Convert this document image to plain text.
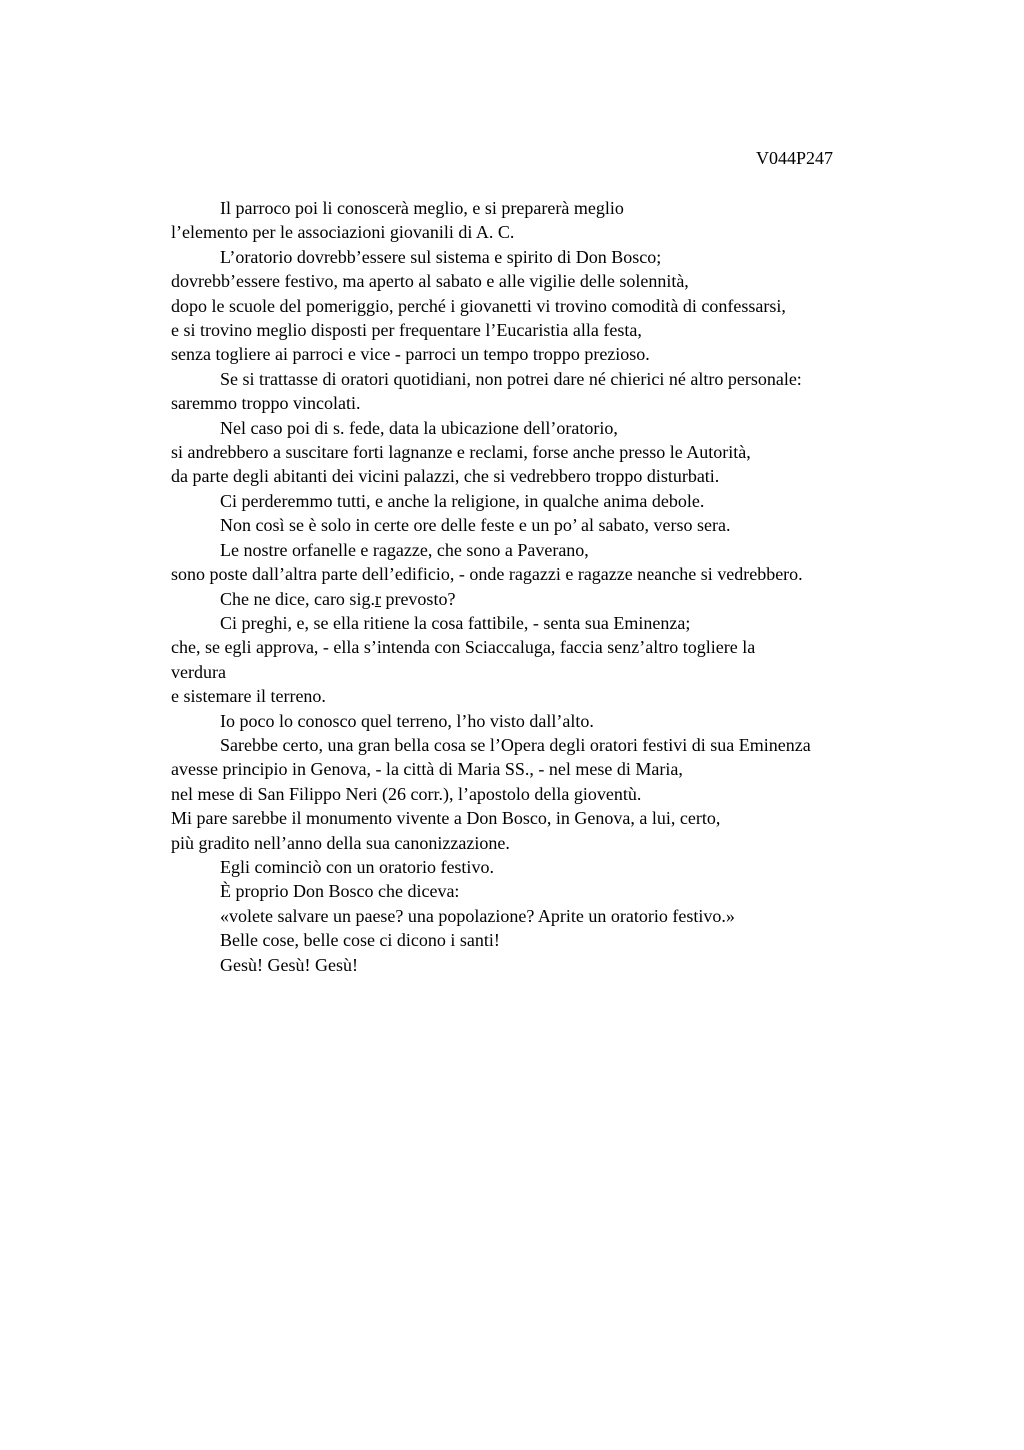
V044P247
Il parroco poi li conoscerà meglio, e si preparerà meglio
l’elemento per le associazioni giovanili di A. C.
L’oratorio dovrebb’essere sul sistema e spirito di Don Bosco;
dovrebb’essere festivo, ma aperto al sabato e alle vigilie delle solennità,
dopo le scuole del pomeriggio, perché i giovanetti vi trovino comodità di confessarsi,
e si trovino meglio disposti per frequentare l’Eucaristia alla festa,
senza togliere ai parroci e vice - parroci un tempo troppo prezioso.
Se si trattasse di oratori quotidiani, non potrei dare né chierici né altro personale:
saremmo troppo vincolati.
Nel caso poi di s. fede, data la ubicazione dell’oratorio,
si andrebbero a suscitare forti lagnanze e reclami, forse anche presso le Autorità,
da parte degli abitanti dei vicini palazzi, che si vedrebbero troppo disturbati.
Ci perderemmo tutti, e anche la religione, in qualche anima debole.
Non così se è solo in certe ore delle feste e un po’ al sabato, verso sera.
Le nostre orfanelle e ragazze, che sono a Paverano,
sono poste dall’altra parte dell’edificio, - onde ragazzi e ragazze neanche si vedrebbero.
Che ne dice, caro sig.r prevosto?
Ci preghi, e, se ella ritiene la cosa fattibile, - senta sua Eminenza;
che, se egli approva, - ella s’intenda con Sciaccaluga, faccia senz’altro togliere la
verdura
e sistemare il terreno.
Io poco lo conosco quel terreno, l’ho visto dall’alto.
Sarebbe certo, una gran bella cosa se l’Opera degli oratori festivi di sua Eminenza
avesse principio in Genova, - la città di Maria SS., - nel mese di Maria,
nel mese di San Filippo Neri (26 corr.), l’apostolo della gioventù.
Mi pare sarebbe il monumento vivente a Don Bosco, in Genova, a lui, certo,
più gradito nell’anno della sua canonizzazione.
Egli cominciò con un oratorio festivo.
È proprio Don Bosco che diceva:
«volete salvare un paese? una popolazione? Aprite un oratorio festivo.»
Belle cose, belle cose ci dicono i santi!
Gesù! Gesù! Gesù!
